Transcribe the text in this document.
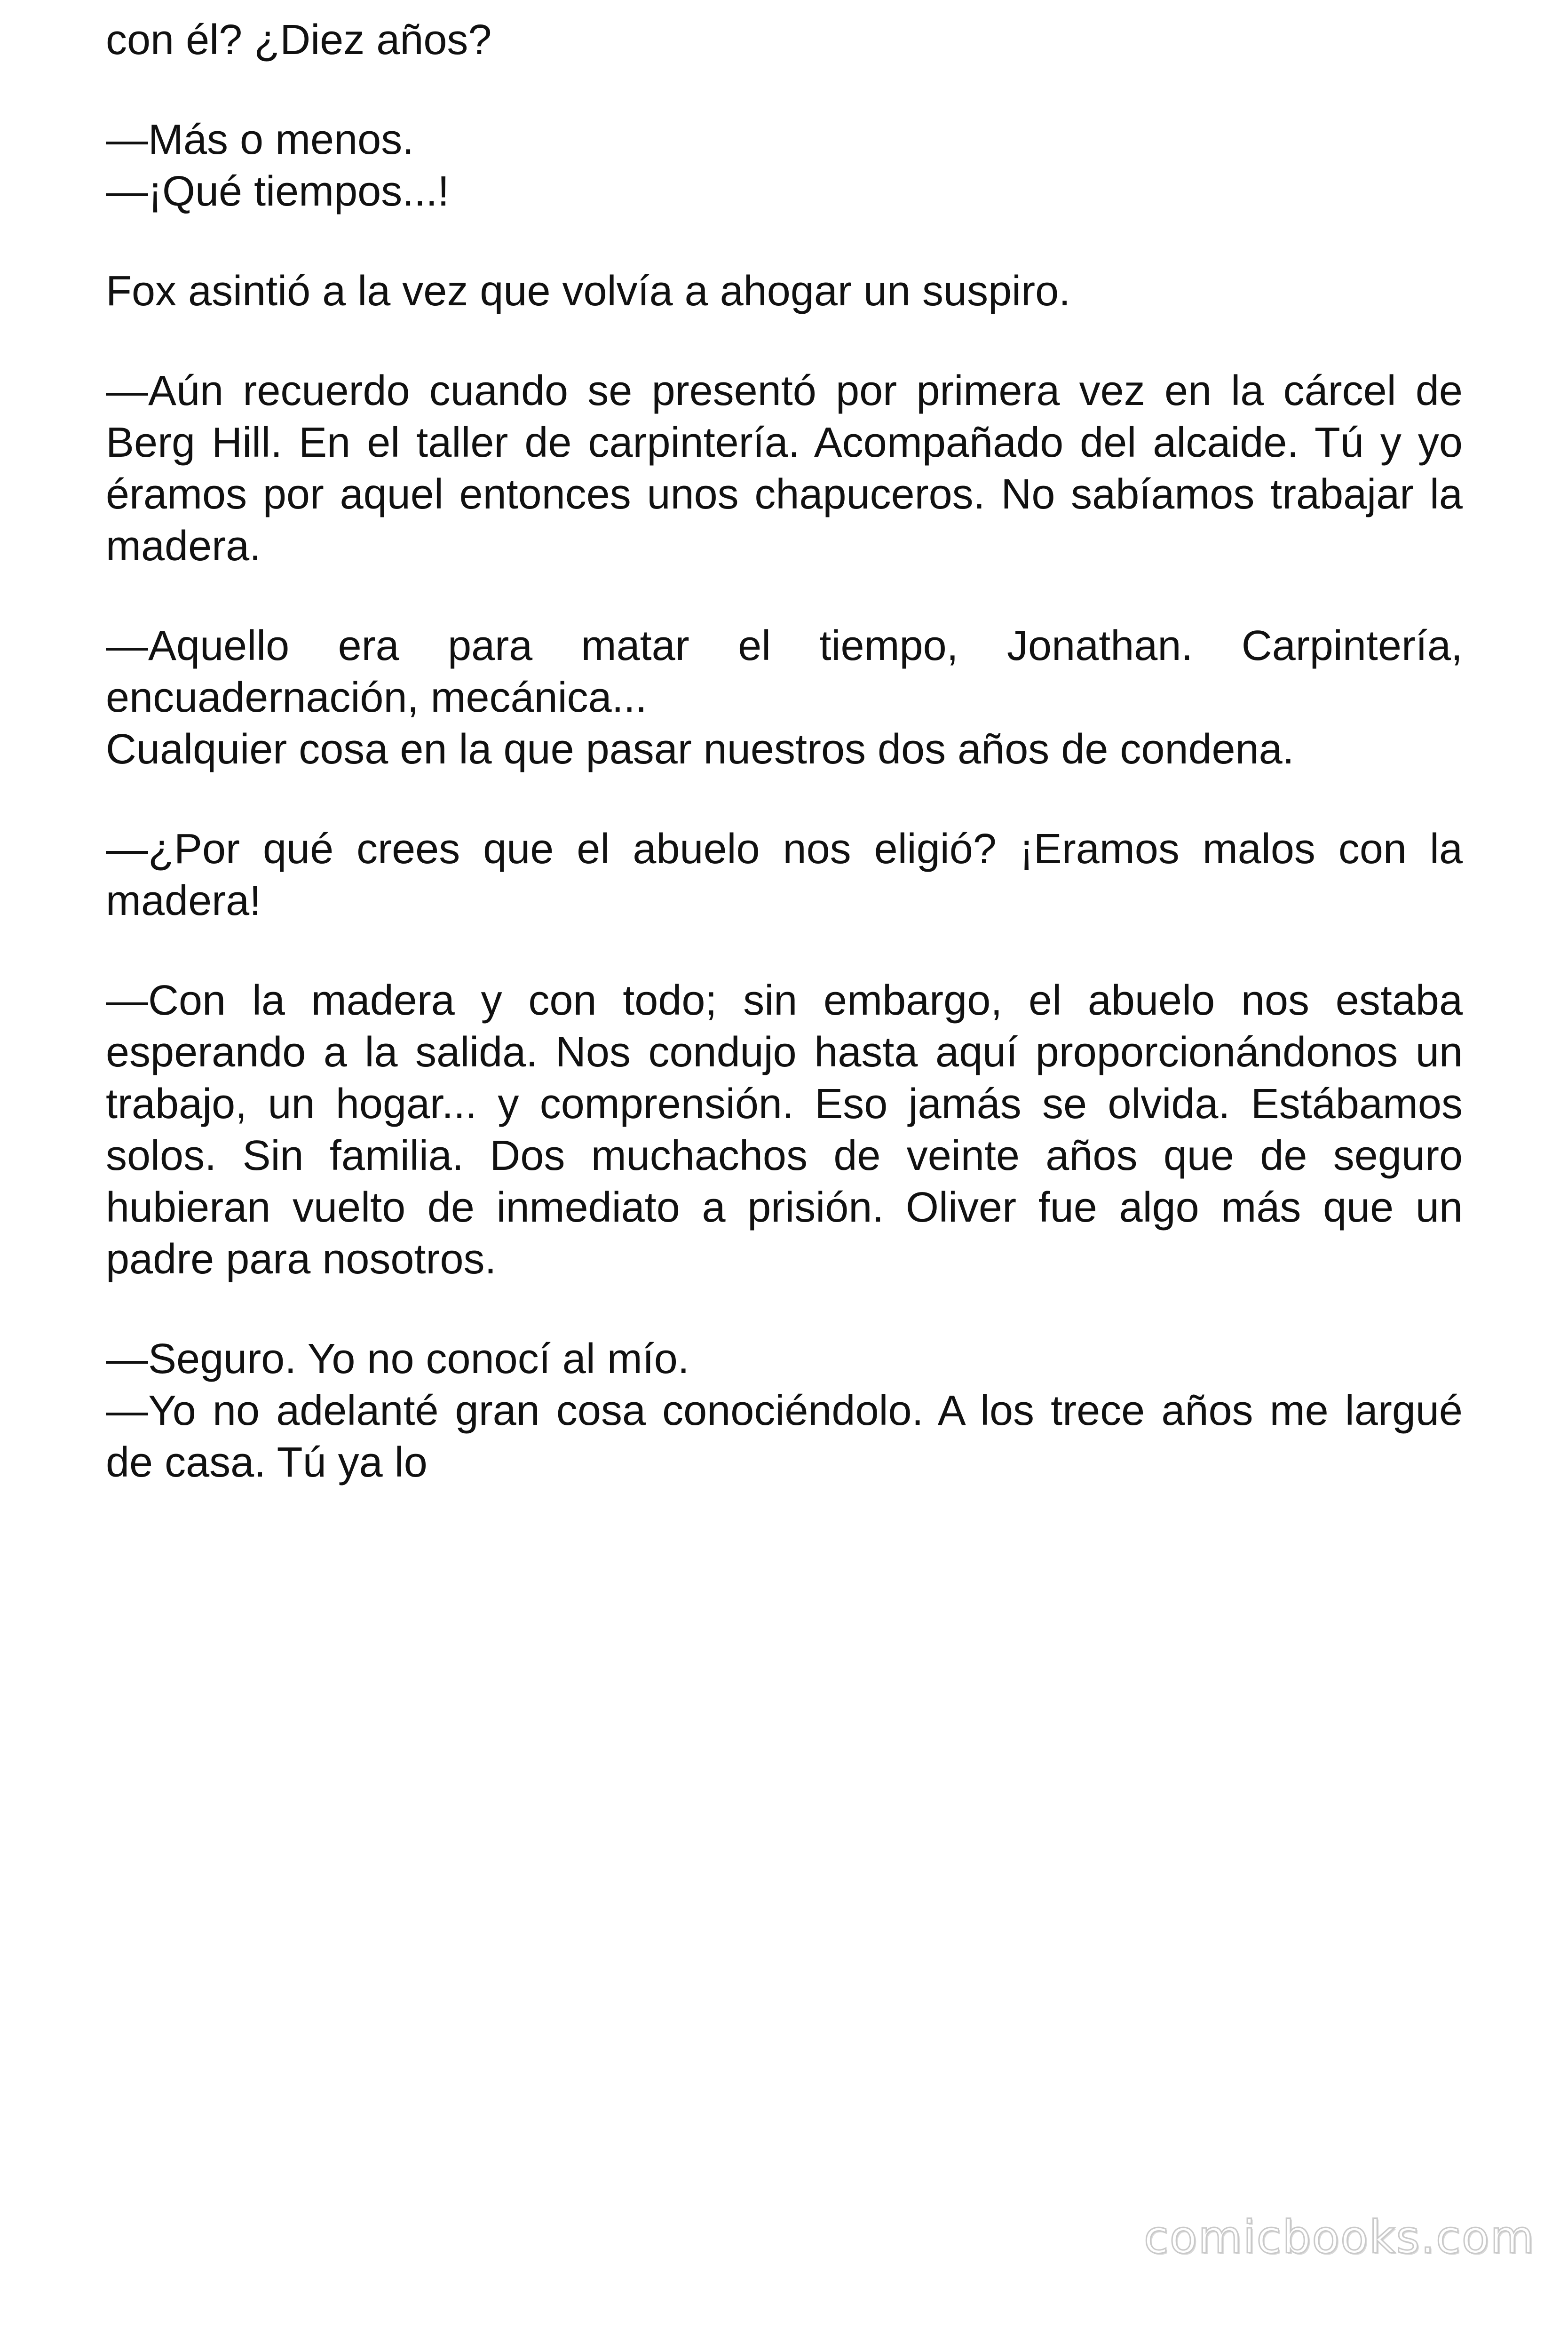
con él? ¿Diez años?

—Más o menos.
—¡Qué tiempos...!

Fox asintió a la vez que volvía a ahogar un suspiro.

—Aún recuerdo cuando se presentó por primera vez en la cárcel de Berg Hill. En el taller de carpintería. Acompañado del alcaide. Tú y yo éramos por aquel entonces unos chapuceros. No sabíamos trabajar la madera.

—Aquello era para matar el tiempo, Jonathan. Carpintería, encuadernación, mecánica...
Cualquier cosa en la que pasar nuestros dos años de condena.

—¿Por qué crees que el abuelo nos eligió? ¡Eramos malos con la madera!

—Con la madera y con todo; sin embargo, el abuelo nos estaba esperando a la salida. Nos condujo hasta aquí proporcionándonos un trabajo, un hogar... y comprensión. Eso jamás se olvida. Estábamos solos. Sin familia. Dos muchachos de veinte años que de seguro hubieran vuelto de inmediato a prisión. Oliver fue algo más que un padre para nosotros.

—Seguro. Yo no conocí al mío.
—Yo no adelanté gran cosa conociéndolo. A los trece años me largué de casa. Tú ya lo

comicbooks.com
